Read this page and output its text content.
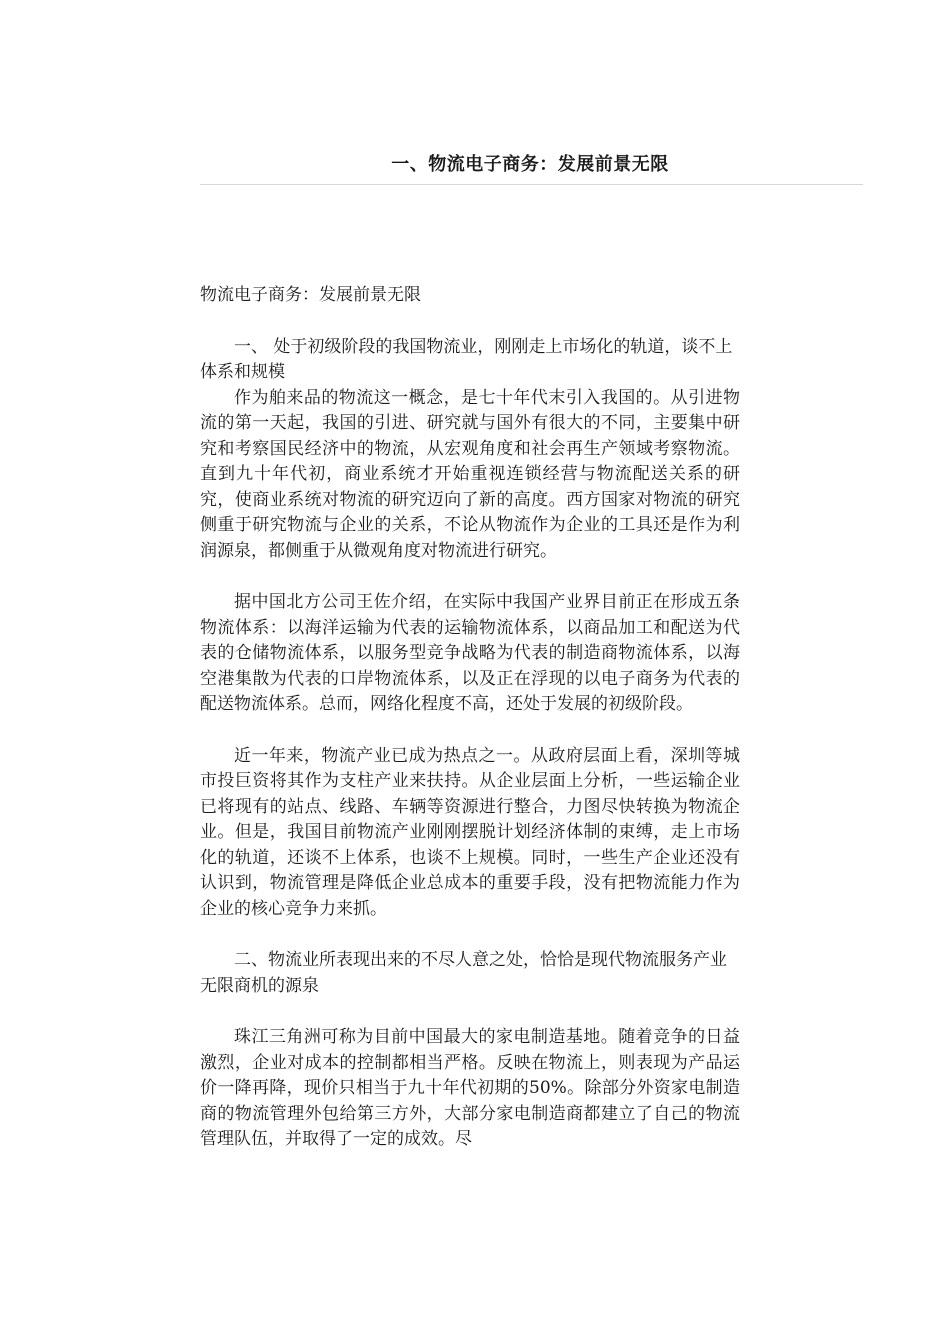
一、物流电子商务：发展前景无限

物流电子商务：发展前景无限

一、 处于初级阶段的我国物流业，刚刚走上市场化的轨道，谈不上体系和规模

作为舶来品的物流这一概念，是七十年代末引入我国的。从引进物流的第一天起，我国的引进、研究就与国外有很大的不同，主要集中研究和考察国民经济中的物流，从宏观角度和社会再生产领域考察物流。直到九十年代初，商业系统才开始重视连锁经营与物流配送关系的研究，使商业系统对物流的研究迈向了新的高度。西方国家对物流的研究侧重于研究物流与企业的关系，不论从物流作为企业的工具还是作为利润源泉，都侧重于从微观角度对物流进行研究。

据中国北方公司王佐介绍，在实际中我国产业界目前正在形成五条物流体系：以海洋运输为代表的运输物流体系，以商品加工和配送为代表的仓储物流体系，以服务型竞争战略为代表的制造商物流体系，以海空港集散为代表的口岸物流体系，以及正在浮现的以电子商务为代表的配送物流体系。总而，网络化程度不高，还处于发展的初级阶段。

近一年来，物流产业已成为热点之一。从政府层面上看，深圳等城市投巨资将其作为支柱产业来扶持。从企业层面上分析，一些运输企业已将现有的站点、线路、车辆等资源进行整合，力图尽快转换为物流企业。但是，我国目前物流产业刚刚摆脱计划经济体制的束缚，走上市场化的轨道，还谈不上体系，也谈不上规模。同时，一些生产企业还没有认识到，物流管理是降低企业总成本的重要手段，没有把物流能力作为企业的核心竞争力来抓。

二、物流业所表现出来的不尽人意之处，恰恰是现代物流服务产业无限商机的源泉

珠江三角洲可称为目前中国最大的家电制造基地。随着竞争的日益激烈，企业对成本的控制都相当严格。反映在物流上，则表现为产品运价一降再降，现价只相当于九十年代初期的50%。除部分外资家电制造商的物流管理外包给第三方外，大部分家电制造商都建立了自己的物流管理队伍，并取得了一定的成效。尽
